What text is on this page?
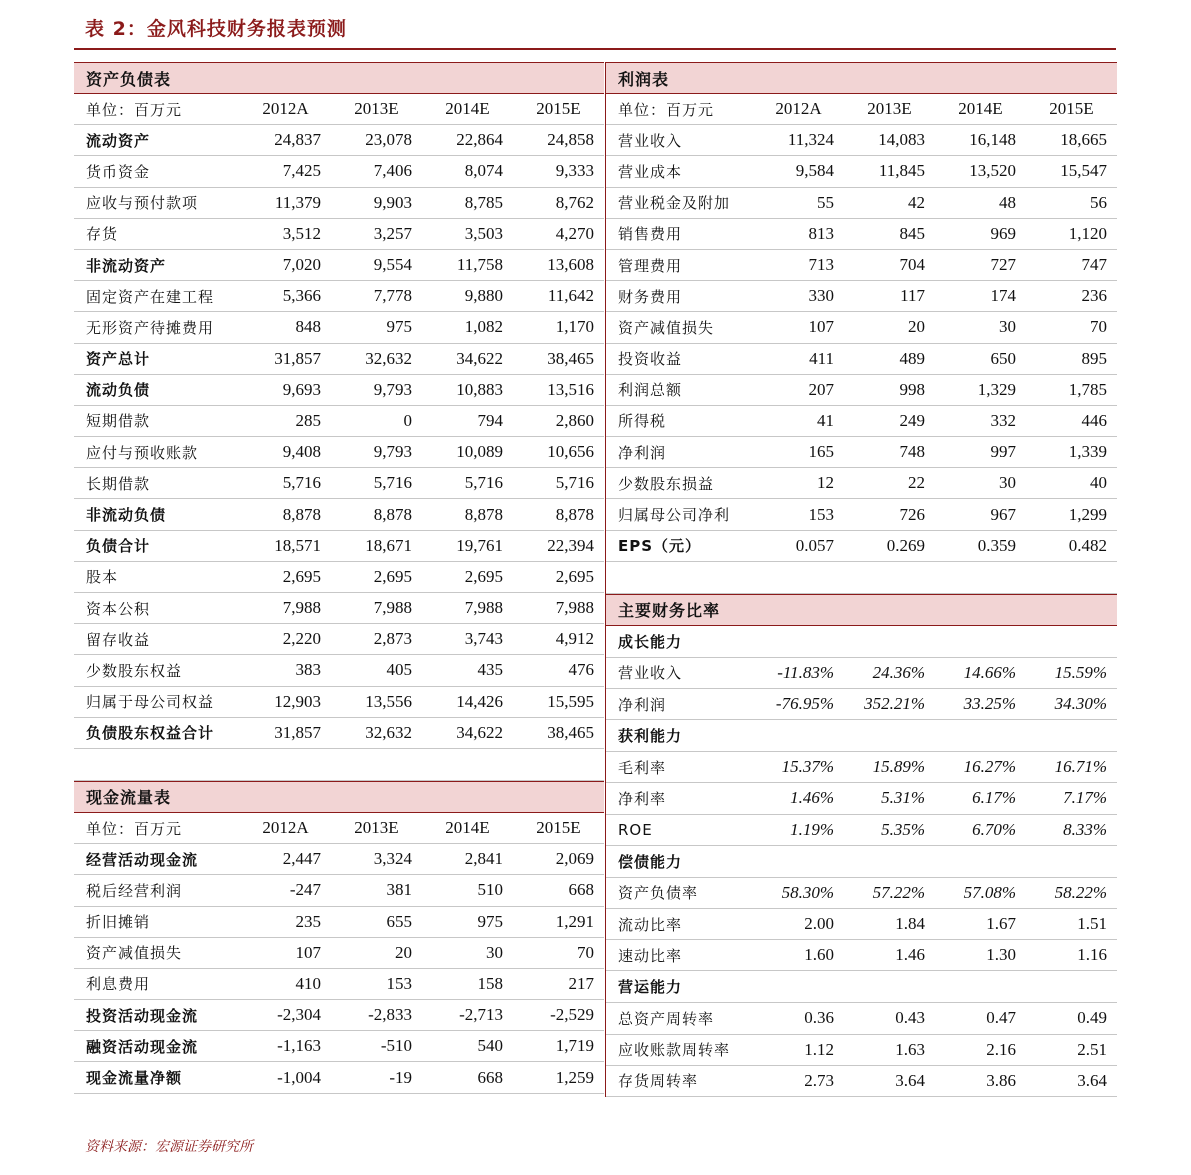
表 2：金风科技财务报表预测
资产负债表
单位：百万元	2012A	2013E	2014E	2015E
流动资产	24,837	23,078	22,864	24,858
货币资金	7,425	7,406	8,074	9,333
应收与预付款项	11,379	9,903	8,785	8,762
存货	3,512	3,257	3,503	4,270
非流动资产	7,020	9,554	11,758	13,608
固定资产在建工程	5,366	7,778	9,880	11,642
无形资产待摊费用	848	975	1,082	1,170
资产总计	31,857	32,632	34,622	38,465
流动负债	9,693	9,793	10,883	13,516
短期借款	285	0	794	2,860
应付与预收账款	9,408	9,793	10,089	10,656
长期借款	5,716	5,716	5,716	5,716
非流动负债	8,878	8,878	8,878	8,878
负债合计	18,571	18,671	19,761	22,394
股本	2,695	2,695	2,695	2,695
资本公积	7,988	7,988	7,988	7,988
留存收益	2,220	2,873	3,743	4,912
少数股东权益	383	405	435	476
归属于母公司权益	12,903	13,556	14,426	15,595
负债股东权益合计	31,857	32,632	34,622	38,465
现金流量表
单位：百万元	2012A	2013E	2014E	2015E
经营活动现金流	2,447	3,324	2,841	2,069
税后经营利润	-247	381	510	668
折旧摊销	235	655	975	1,291
资产减值损失	107	20	30	70
利息费用	410	153	158	217
投资活动现金流	-2,304	-2,833	-2,713	-2,529
融资活动现金流	-1,163	-510	540	1,719
现金流量净额	-1,004	-19	668	1,259
利润表
单位：百万元	2012A	2013E	2014E	2015E
营业收入	11,324	14,083	16,148	18,665
营业成本	9,584	11,845	13,520	15,547
营业税金及附加	55	42	48	56
销售费用	813	845	969	1,120
管理费用	713	704	727	747
财务费用	330	117	174	236
资产减值损失	107	20	30	70
投资收益	411	489	650	895
利润总额	207	998	1,329	1,785
所得税	41	249	332	446
净利润	165	748	997	1,339
少数股东损益	12	22	30	40
归属母公司净利	153	726	967	1,299
EPS（元）	0.057	0.269	0.359	0.482
主要财务比率
成长能力
营业收入	-11.83%	24.36%	14.66%	15.59%
净利润	-76.95%	352.21%	33.25%	34.30%
获利能力
毛利率	15.37%	15.89%	16.27%	16.71%
净利率	1.46%	5.31%	6.17%	7.17%
ROE	1.19%	5.35%	6.70%	8.33%
偿债能力
资产负债率	58.30%	57.22%	57.08%	58.22%
流动比率	2.00	1.84	1.67	1.51
速动比率	1.60	1.46	1.30	1.16
营运能力
总资产周转率	0.36	0.43	0.47	0.49
应收账款周转率	1.12	1.63	2.16	2.51
存货周转率	2.73	3.64	3.86	3.64
资料来源：宏源证券研究所
